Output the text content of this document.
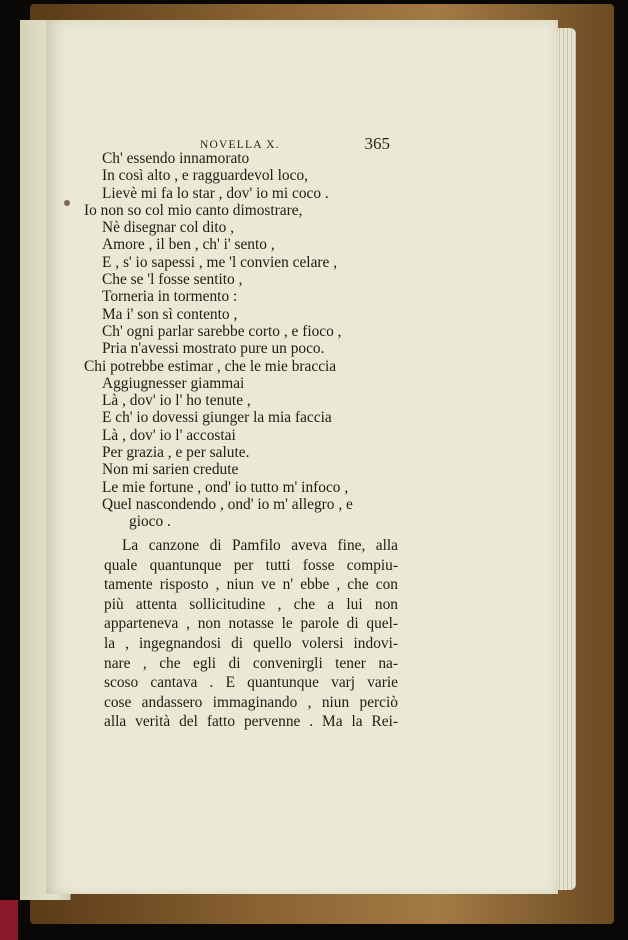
NOVELLA X.	365
Ch' essendo innamorato
In così alto , e ragguardevol loco,
Lievè mi fa lo star , dov' io mi coco .
Io non so col mio canto dimostrare,
Nè disegnar col dito ,
Amore , il ben , ch' i' sento ,
E , s' io sapessi , me 'l convien celare ,
Che se 'l fosse sentito ,
Torneria in tormento :
Ma i' son sì contento ,
Ch' ogni parlar sarebbe corto , e fioco ,
Pria n'avessi mostrato pure un poco.
Chi potrebbe estimar , che le mie braccia
Aggiugnesser giammai
Là , dov' io l' ho tenute ,
E ch' io dovessi giunger la mia faccia
Là , dov' io l' accostai
Per grazia , e per salute.
Non mi sarien credute
Le mie fortune , ond' io tutto m' infoco ,
Quel nascondendo , ond' io m' allegro , e
gioco .
La canzone di Pamfilo aveva fine, alla
quale quantunque per tutti fosse compiu-
tamente risposto , niun ve n' ebbe , che con
più attenta sollicitudine , che a lui non
apparteneva , non notasse le parole di quel-
la , ingegnandosi di quello volersi indovi-
nare , che egli di convenirgli tener na-
scoso cantava . E quantunque varj varie
cose andassero immaginando , niun perciò
alla verità del fatto pervenne . Ma la Rei-
